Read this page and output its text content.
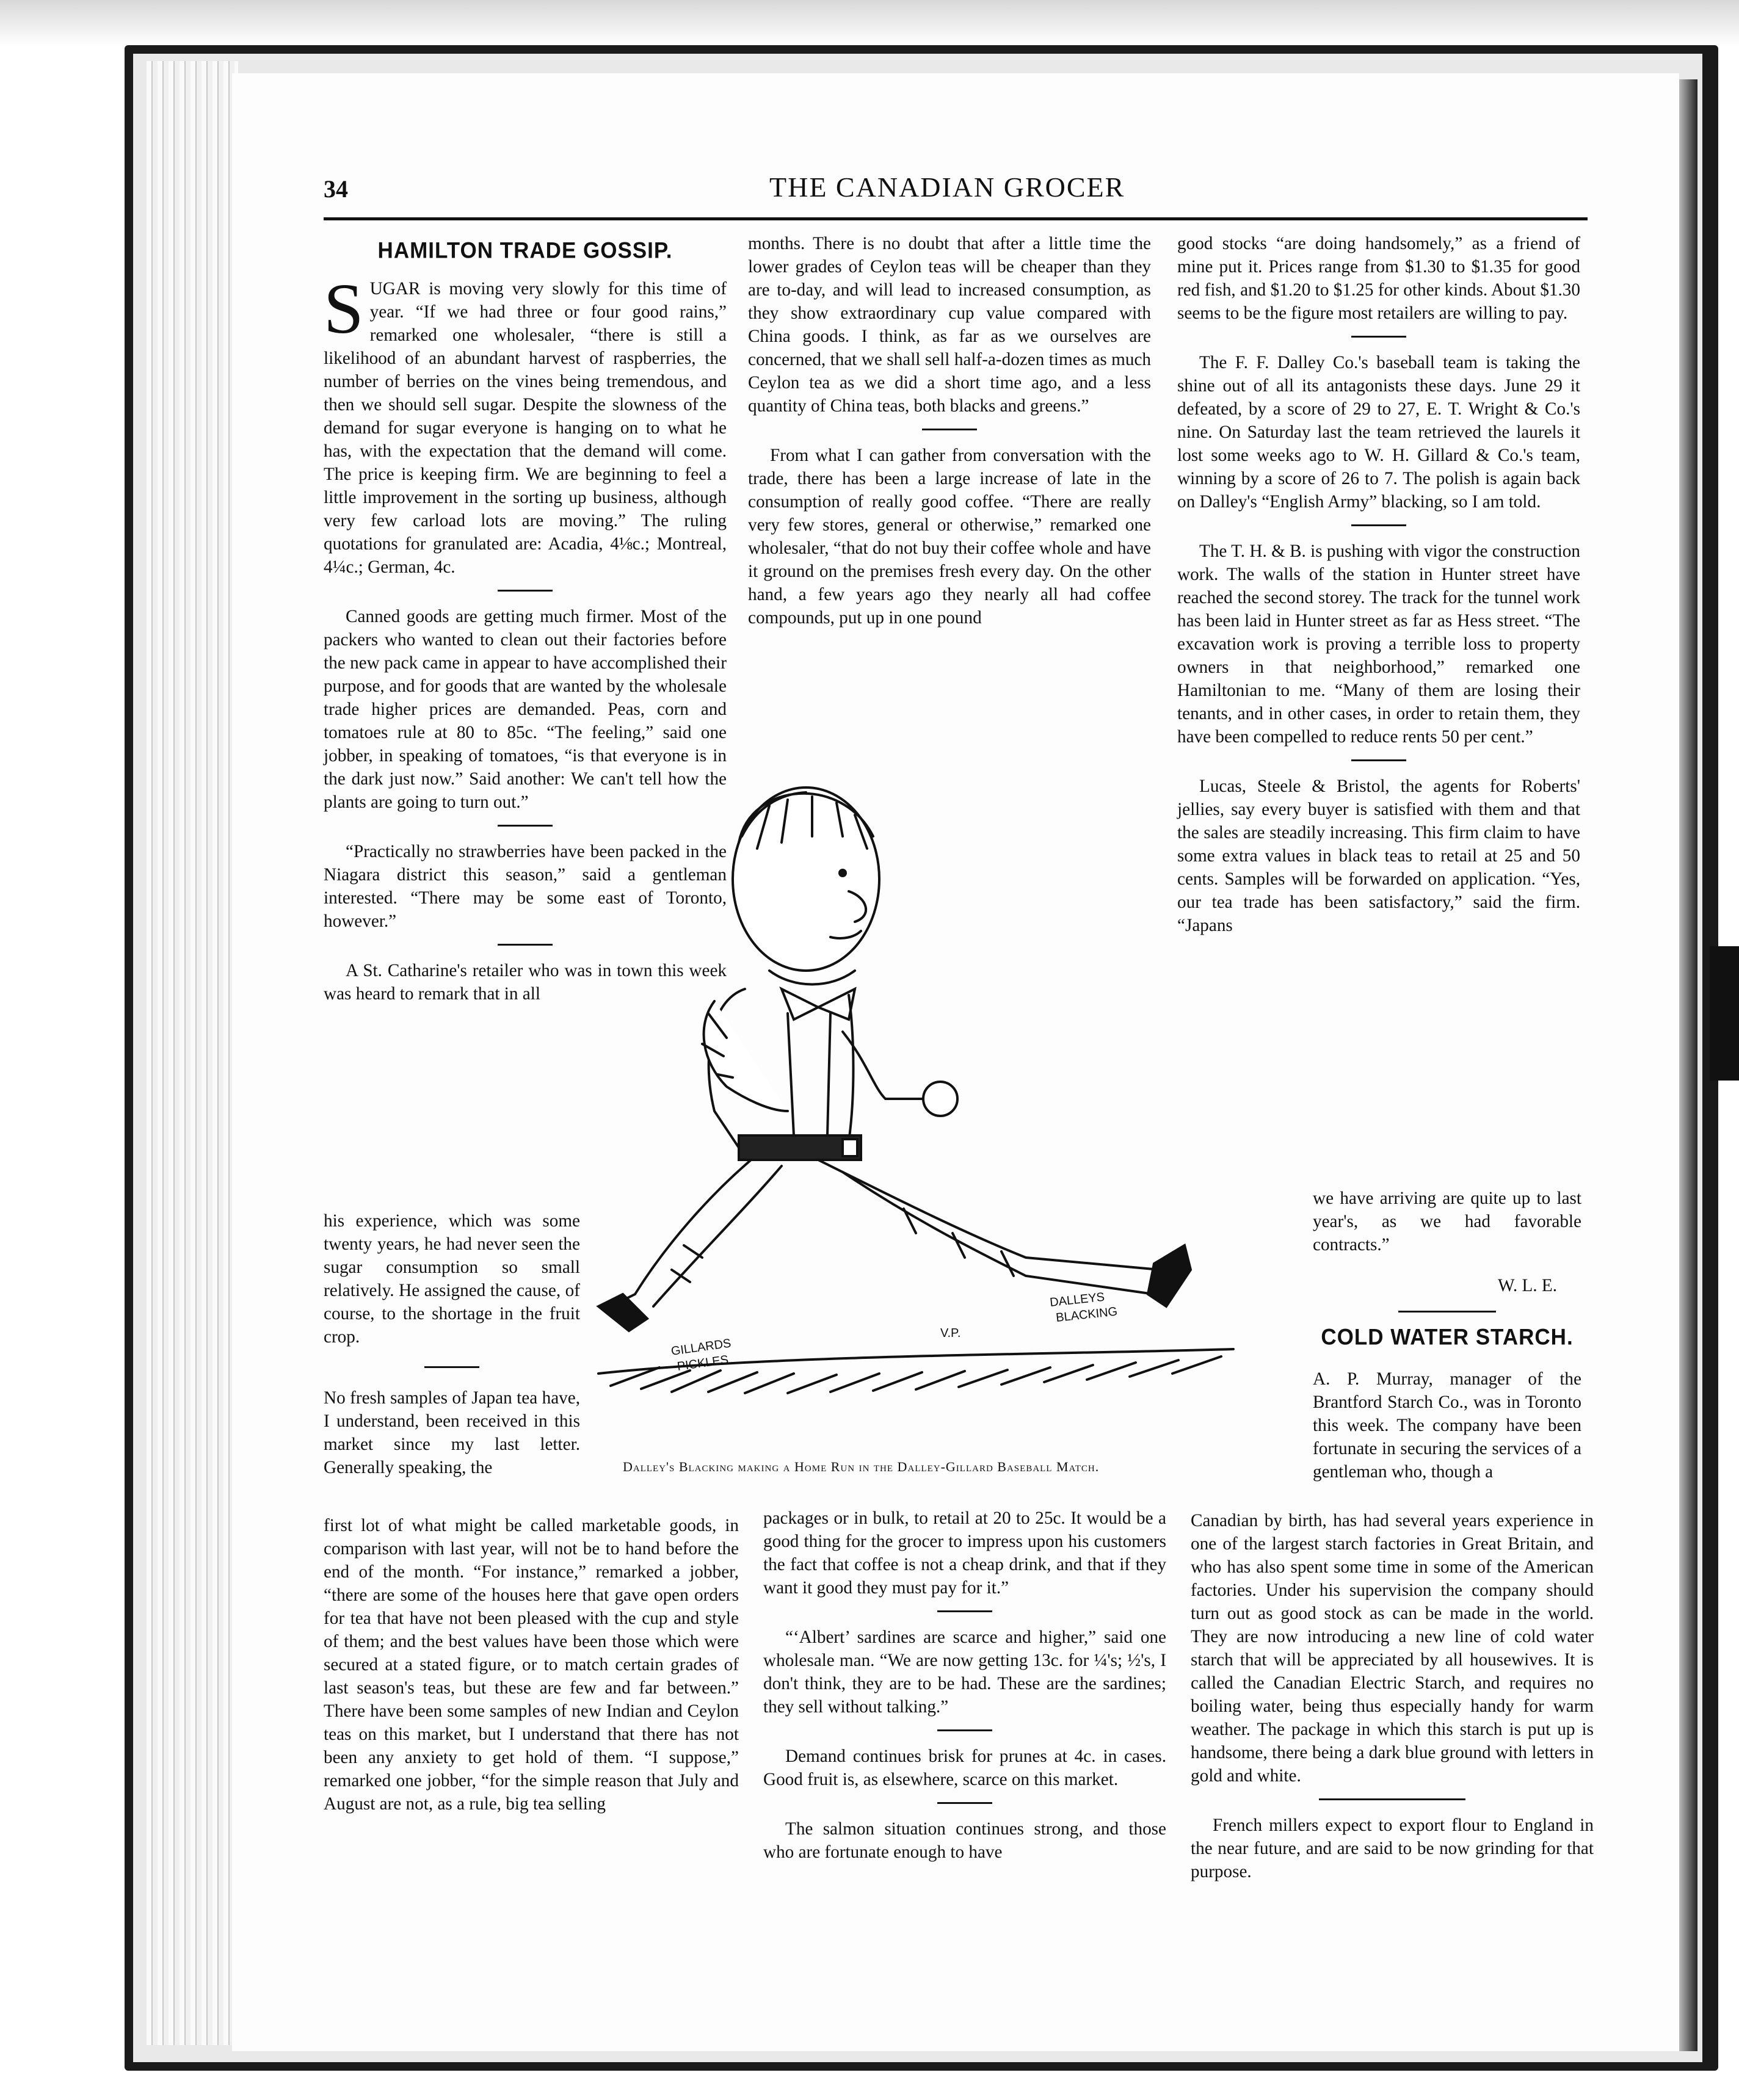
34	THE CANADIAN GROCER
HAMILTON TRADE GOSSIP.

SUGAR is moving very slowly for this time of year. “If we had three or four good rains,” remarked one wholesaler, “there is still a likelihood of an abundant harvest of raspberries, the number of berries on the vines being tremendous, and then we should sell sugar. Despite the slowness of the demand for sugar everyone is hanging on to what he has, with the expectation that the demand will come. The price is keeping firm. We are beginning to feel a little improvement in the sorting up business, although very few carload lots are moving.” The ruling quotations for granulated are: Acadia, 4⅛c.; Montreal, 4¼c.; German, 4c.

Canned goods are getting much firmer. Most of the packers who wanted to clean out their factories before the new pack came in appear to have accomplished their purpose, and for goods that are wanted by the wholesale trade higher prices are demanded. Peas, corn and tomatoes rule at 80 to 85c. “The feeling,” said one jobber, in speaking of tomatoes, “is that everyone is in the dark just now.” Said another: We can't tell how the plants are going to turn out.”

“Practically no strawberries have been packed in the Niagara district this season,” said a gentleman interested. “There may be some east of Toronto, however.”

A St. Catharine's retailer who was in town this week was heard to remark that in all

his experience, which was some twenty years, he had never seen the sugar consumption so small relatively. He assigned the cause, of course, to the shortage in the fruit crop.

No fresh samples of Japan tea have, I understand, been received in this market since my last letter. Generally speaking, the

first lot of what might be called marketable goods, in comparison with last year, will not be to hand before the end of the month. “For instance,” remarked a jobber, “there are some of the houses here that gave open orders for tea that have not been pleased with the cup and style of them; and the best values have been those which were secured at a stated figure, or to match certain grades of last season's teas, but these are few and far between.” There have been some samples of new Indian and Ceylon teas on this market, but I understand that there has not been any anxiety to get hold of them. “I suppose,” remarked one jobber, “for the simple reason that July and August are not, as a rule, big tea selling

months. There is no doubt that after a little time the lower grades of Ceylon teas will be cheaper than they are to-day, and will lead to increased consumption, as they show extraordinary cup value compared with China goods. I think, as far as we ourselves are concerned, that we shall sell half-a-dozen times as much Ceylon tea as we did a short time ago, and a less quantity of China teas, both blacks and greens.”

From what I can gather from conversation with the trade, there has been a large increase of late in the consumption of really good coffee. “There are really very few stores, general or otherwise,” remarked one wholesaler, “that do not buy their coffee whole and have it ground on the premises fresh every day. On the other hand, a few years ago they nearly all had coffee compounds, put up in one pound

GILLARDS
PICKLES
V.P.
DALLEYS
BLACKING
Dalley's Blacking making a Home Run in the Dalley-Gillard Baseball Match.

packages or in bulk, to retail at 20 to 25c. It would be a good thing for the grocer to impress upon his customers the fact that coffee is not a cheap drink, and that if they want it good they must pay for it.”

“‘Albert’ sardines are scarce and higher,” said one wholesale man. “We are now getting 13c. for ¼'s; ½'s, I don't think, they are to be had. These are the sardines; they sell without talking.”

Demand continues brisk for prunes at 4c. in cases. Good fruit is, as elsewhere, scarce on this market.

The salmon situation continues strong, and those who are fortunate enough to have

good stocks “are doing handsomely,” as a friend of mine put it. Prices range from $1.30 to $1.35 for good red fish, and $1.20 to $1.25 for other kinds. About $1.30 seems to be the figure most retailers are willing to pay.

The F. F. Dalley Co.'s baseball team is taking the shine out of all its antagonists these days. June 29 it defeated, by a score of 29 to 27, E. T. Wright & Co.'s nine. On Saturday last the team retrieved the laurels it lost some weeks ago to W. H. Gillard & Co.'s team, winning by a score of 26 to 7. The polish is again back on Dalley's “English Army” blacking, so I am told.

The T. H. & B. is pushing with vigor the construction work. The walls of the station in Hunter street have reached the second storey. The track for the tunnel work has been laid in Hunter street as far as Hess street. “The excavation work is proving a terrible loss to property owners in that neighborhood,” remarked one Hamiltonian to me. “Many of them are losing their tenants, and in other cases, in order to retain them, they have been compelled to reduce rents 50 per cent.”

Lucas, Steele & Bristol, the agents for Roberts' jellies, say every buyer is satisfied with them and that the sales are steadily increasing. This firm claim to have some extra values in black teas to retail at 25 and 50 cents. Samples will be forwarded on application. “Yes, our tea trade has been satisfactory,” said the firm. “Japans

we have arriving are quite up to last year's, as we had favorable contracts.”

W. L. E.
COLD WATER STARCH.

A. P. Murray, manager of the Brantford Starch Co., was in Toronto this week. The company have been fortunate in securing the services of a gentleman who, though a

Canadian by birth, has had several years experience in one of the largest starch factories in Great Britain, and who has also spent some time in some of the American factories. Under his supervision the company should turn out as good stock as can be made in the world. They are now introducing a new line of cold water starch that will be appreciated by all housewives. It is called the Canadian Electric Starch, and requires no boiling water, being thus especially handy for warm weather. The package in which this starch is put up is handsome, there being a dark blue ground with letters in gold and white.

French millers expect to export flour to England in the near future, and are said to be now grinding for that purpose.
